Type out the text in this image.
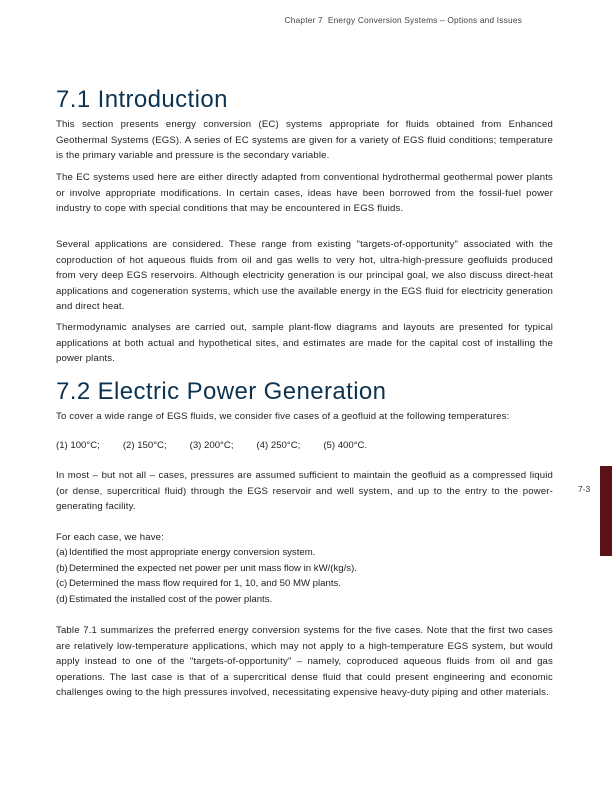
Chapter 7 Energy Conversion Systems – Options and Issues
7.1 Introduction

This section presents energy conversion (EC) systems appropriate for fluids obtained from Enhanced Geothermal Systems (EGS). A series of EC systems are given for a variety of EGS fluid conditions; temperature is the primary variable and pressure is the secondary variable.

The EC systems used here are either directly adapted from conventional hydrothermal geothermal power plants or involve appropriate modifications. In certain cases, ideas have been borrowed from the fossil-fuel power industry to cope with special conditions that may be encountered in EGS fluids.

Several applications are considered. These range from existing "targets-of-opportunity" associated with the coproduction of hot aqueous fluids from oil and gas wells to very hot, ultra-high-pressure geofluids produced from very deep EGS reservoirs. Although electricity generation is our principal goal, we also discuss direct-heat applications and cogeneration systems, which use the available energy in the EGS fluid for electricity generation and direct heat.

Thermodynamic analyses are carried out, sample plant-flow diagrams and layouts are presented for typical applications at both actual and hypothetical sites, and estimates are made for the capital cost of installing the power plants.

7.2 Electric Power Generation

To cover a wide range of EGS fluids, we consider five cases of a geofluid at the following temperatures:

(1) 100°C; (2) 150°C; (3) 200°C; (4) 250°C; (5) 400°C.

In most – but not all – cases, pressures are assumed sufficient to maintain the geofluid as a compressed liquid (or dense, supercritical fluid) through the EGS reservoir and well system, and up to the entry to the power-generating facility.

For each case, we have:

(a) Identified the most appropriate energy conversion system.
(b) Determined the expected net power per unit mass flow in kW/(kg/s).
(c) Determined the mass flow required for 1, 10, and 50 MW plants.
(d) Estimated the installed cost of the power plants.

Table 7.1 summarizes the preferred energy conversion systems for the five cases. Note that the first two cases are relatively low-temperature applications, which may not apply to a high-temperature EGS system, but would apply instead to one of the "targets-of-opportunity" – namely, coproduced aqueous fluids from oil and gas operations. The last case is that of a supercritical dense fluid that could present engineering and economic challenges owing to the high pressures involved, necessitating expensive heavy-duty piping and other materials.

7-3
